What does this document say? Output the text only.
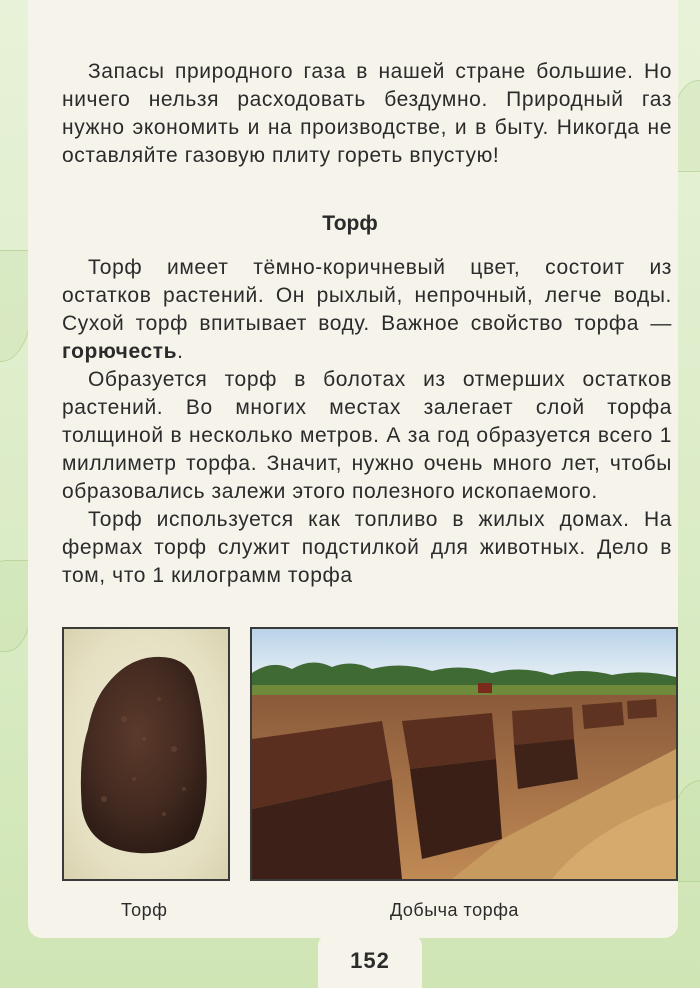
Запасы природного газа в нашей стране большие. Но ничего нельзя расходовать бездумно. Природный газ нужно экономить и на производстве, и в быту. Никогда не оставляйте газовую плиту гореть впустую!

Торф

Торф имеет тёмно-коричневый цвет, состоит из остатков растений. Он рыхлый, непрочный, легче воды. Сухой торф впитывает воду. Важное свойство торфа — горючесть.

Образуется торф в болотах из отмерших остатков растений. Во многих местах залегает слой торфа толщиной в несколько метров. А за год образуется всего 1 миллиметр торфа. Значит, нужно очень много лет, чтобы образовались залежи этого полезного ископаемого.

Торф используется как топливо в жилых домах. На фермах торф служит подстилкой для животных. Дело в том, что 1 килограмм торфа

Торф	Добыча торфа
152
